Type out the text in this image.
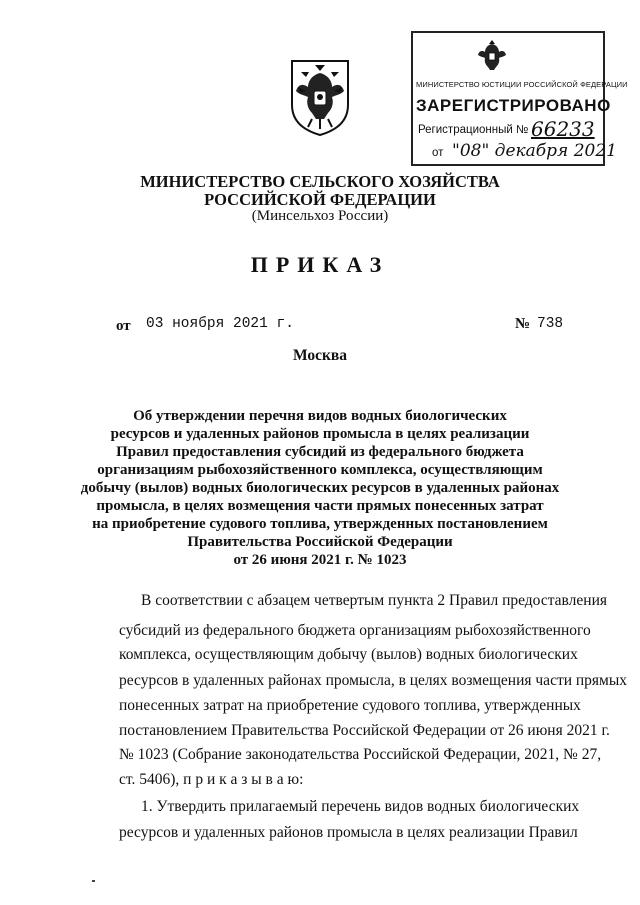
МИНИСТЕРСТВО ЮСТИЦИИ РОССИЙСКОЙ ФЕДЕРАЦИИ
ЗАРЕГИСТРИРОВАНО
Регистрационный № 66233
от "08" декабря 2021
МИНИСТЕРСТВО СЕЛЬСКОГО ХОЗЯЙСТВА
РОССИЙСКОЙ ФЕДЕРАЦИИ
(Минсельхоз России)
ПРИКАЗ
от 03 ноября 2021 г.	№ 738
Москва
Об утверждении перечня видов водных биологических
ресурсов и удаленных районов промысла в целях реализации
Правил предоставления субсидий из федерального бюджета
организациям рыбохозяйственного комплекса, осуществляющим
добычу (вылов) водных биологических ресурсов в удаленных районах
промысла, в целях возмещения части прямых понесенных затрат
на приобретение судового топлива, утвержденных постановлением
Правительства Российской Федерации
от 26 июня 2021 г. № 1023
В соответствии с абзацем четвертым пункта 2 Правил предоставления
субсидий из федерального бюджета организациям рыбохозяйственного
комплекса, осуществляющим добычу (вылов) водных биологических
ресурсов в удаленных районах промысла, в целях возмещения части прямых
понесенных затрат на приобретение судового топлива, утвержденных
постановлением Правительства Российской Федерации от 26 июня 2021 г.
№ 1023 (Собрание законодательства Российской Федерации, 2021, № 27,
ст. 5406), п р и к а з ы в а ю:
1. Утвердить прилагаемый перечень видов водных биологических
ресурсов и удаленных районов промысла в целях реализации Правил
